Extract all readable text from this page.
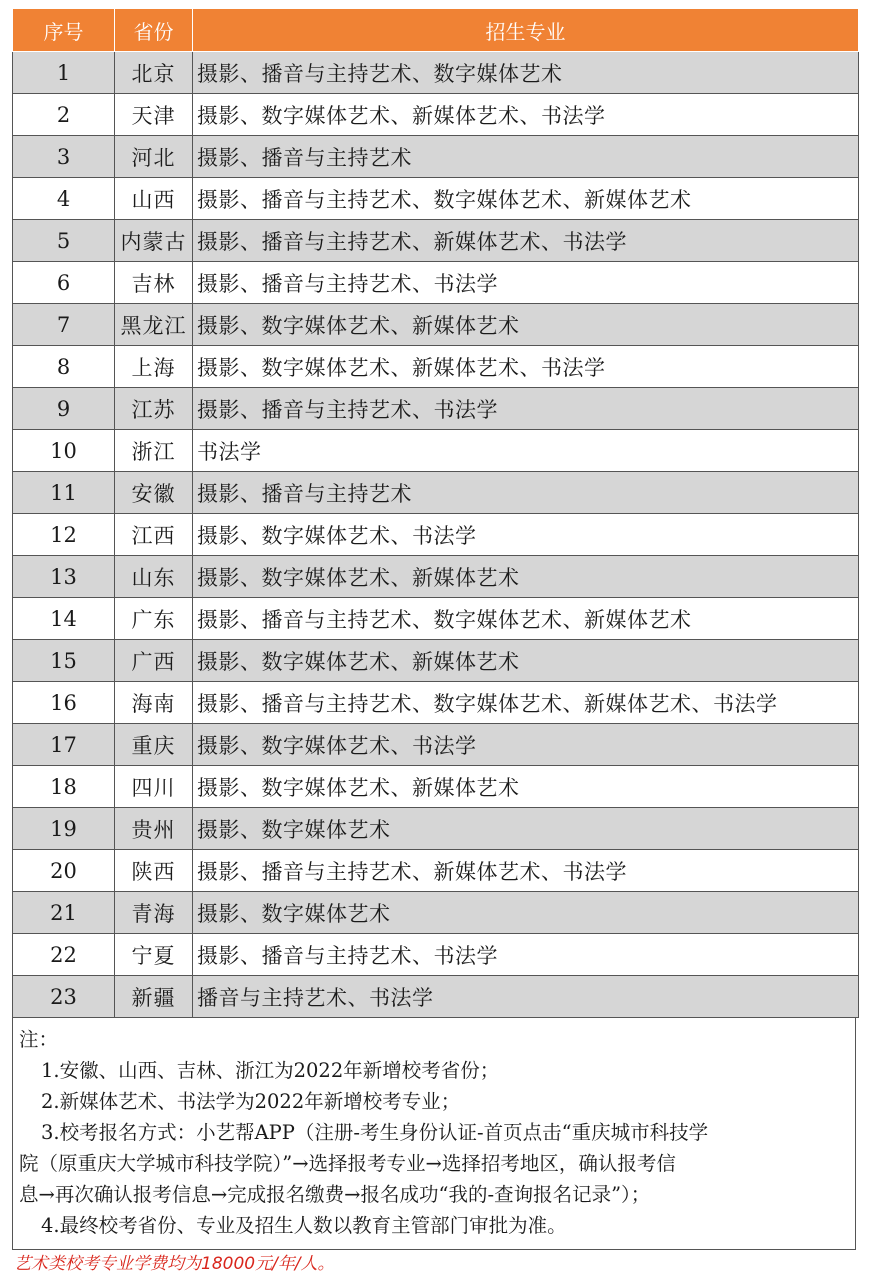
序号	省份	招生专业
1	北京	摄影、播音与主持艺术、数字媒体艺术
2	天津	摄影、数字媒体艺术、新媒体艺术、书法学
3	河北	摄影、播音与主持艺术
4	山西	摄影、播音与主持艺术、数字媒体艺术、新媒体艺术
5	内蒙古	摄影、播音与主持艺术、新媒体艺术、书法学
6	吉林	摄影、播音与主持艺术、书法学
7	黑龙江	摄影、数字媒体艺术、新媒体艺术
8	上海	摄影、数字媒体艺术、新媒体艺术、书法学
9	江苏	摄影、播音与主持艺术、书法学
10	浙江	书法学
11	安徽	摄影、播音与主持艺术
12	江西	摄影、数字媒体艺术、书法学
13	山东	摄影、数字媒体艺术、新媒体艺术
14	广东	摄影、播音与主持艺术、数字媒体艺术、新媒体艺术
15	广西	摄影、数字媒体艺术、新媒体艺术
16	海南	摄影、播音与主持艺术、数字媒体艺术、新媒体艺术、书法学
17	重庆	摄影、数字媒体艺术、书法学
18	四川	摄影、数字媒体艺术、新媒体艺术
19	贵州	摄影、数字媒体艺术
20	陕西	摄影、播音与主持艺术、新媒体艺术、书法学
21	青海	摄影、数字媒体艺术
22	宁夏	摄影、播音与主持艺术、书法学
23	新疆	播音与主持艺术、书法学

注：

1.安徽、山西、吉林、浙江为2022年新增校考省份；

2.新媒体艺术、书法学为2022年新增校考专业；

3.校考报名方式：小艺帮APP（注册-考生身份认证-首页点击“重庆城市科技学

院（原重庆大学城市科技学院）”→选择报考专业→选择招考地区，确认报考信

息→再次确认报考信息→完成报名缴费→报名成功“我的-查询报名记录”）；

4.最终校考省份、专业及招生人数以教育主管部门审批为准。

艺术类校考专业学费均为18000元/年/人。
